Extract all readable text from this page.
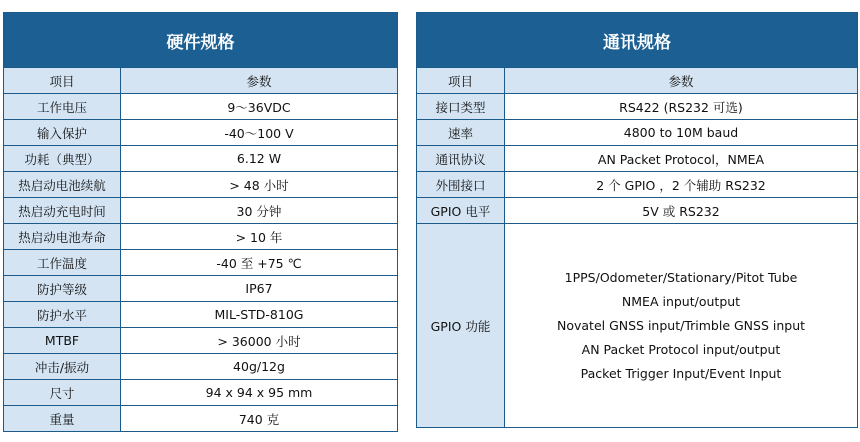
硬件规格	
项目	参数
工作电压	9～36VDC
输入保护	-40～100 V
功耗（典型）	6.12 W
热启动电池续航	> 48 小时
热启动充电时间	30 分钟
热启动电池寿命	> 10 年
工作温度	-40 至 +75 ℃
防护等级	IP67
防护水平	MIL-STD-810G
MTBF	> 36000 小时
冲击/振动	40g/12g
尺寸	94 x 94 x 95 mm
重量	740 克
通讯规格	
项目	参数
接口类型	RS422 (RS232 可选)
速率	4800 to 10M baud
通讯协议	AN Packet Protocol，NMEA
外围接口	2 个 GPIO ，2 个辅助 RS232
GPIO 电平	5V 或 RS232
GPIO 功能	1PPS/Odometer/Stationary/Pitot Tube
NMEA input/output
Novatel GNSS input/Trimble GNSS input
AN Packet Protocol input/output
Packet Trigger Input/Event Input
